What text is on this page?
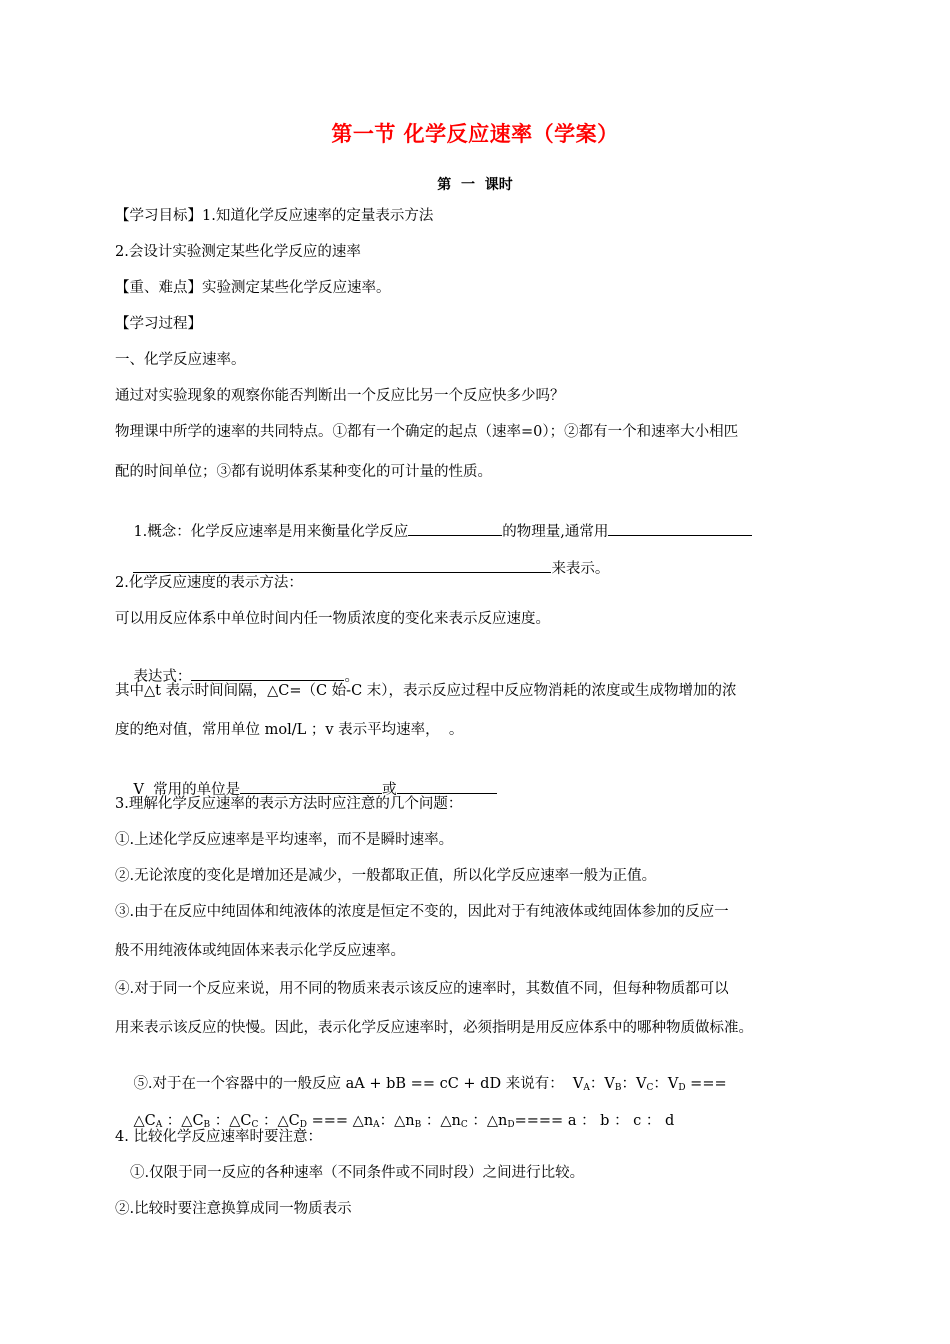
第一节 化学反应速率（学案）
第  一  课时
【学习目标】1.知道化学反应速率的定量表示方法
2.会设计实验测定某些化学反应的速率
【重、难点】实验测定某些化学反应速率。
【学习过程】
一、化学反应速率。
通过对实验现象的观察你能否判断出一个反应比另一个反应快多少吗？
物理课中所学的速率的共同特点。①都有一个确定的起点（速率=0）；②都有一个和速率大小相匹
配的时间单位；③都有说明体系某种变化的可计量的性质。

1.概念：化学反应速率是用来衡量化学反应	的物理量,通常用

来表示。

2.化学反应速度的表示方法：
可以用反应体系中单位时间内任一物质浓度的变化来表示反应速度。

表达式：	。

其中△t 表示时间间隔，△C=（C 始-C 末），表示反应过程中反应物消耗的浓度或生成物增加的浓
度的绝对值，常用单位 mol/L ；v 表示平均速率，  。

V  常用的单位是	或

3.理解化学反应速率的表示方法时应注意的几个问题：
①.上述化学反应速率是平均速率，而不是瞬时速率。
②.无论浓度的变化是增加还是减少，一般都取正值，所以化学反应速率一般为正值。
③.由于在反应中纯固体和纯液体的浓度是恒定不变的，因此对于有纯液体或纯固体参加的反应一
般不用纯液体或纯固体来表示化学反应速率。
④.对于同一个反应来说，用不同的物质来表示该反应的速率时，其数值不同，但每种物质都可以
用来表示该反应的快慢。因此，表示化学反应速率时，必须指明是用反应体系中的哪种物质做标准。

⑤.对于在一个容器中的一般反应 aA + bB == cC + dD 来说有：  $V_A$：$V_B$：$V_C$：$V_D$ ===

$\triangle C_A$ ：$\triangle C_B$ ：$\triangle C_C$ ：$\triangle C_D$ === $\triangle n_A$：$\triangle n_B$ ：$\triangle n_C$ ：$\triangle n_D==== a$ ： b ： c ： d

4. 比较化学反应速率时要注意：
①.仅限于同一反应的各种速率（不同条件或不同时段）之间进行比较。
②.比较时要注意换算成同一物质表示
